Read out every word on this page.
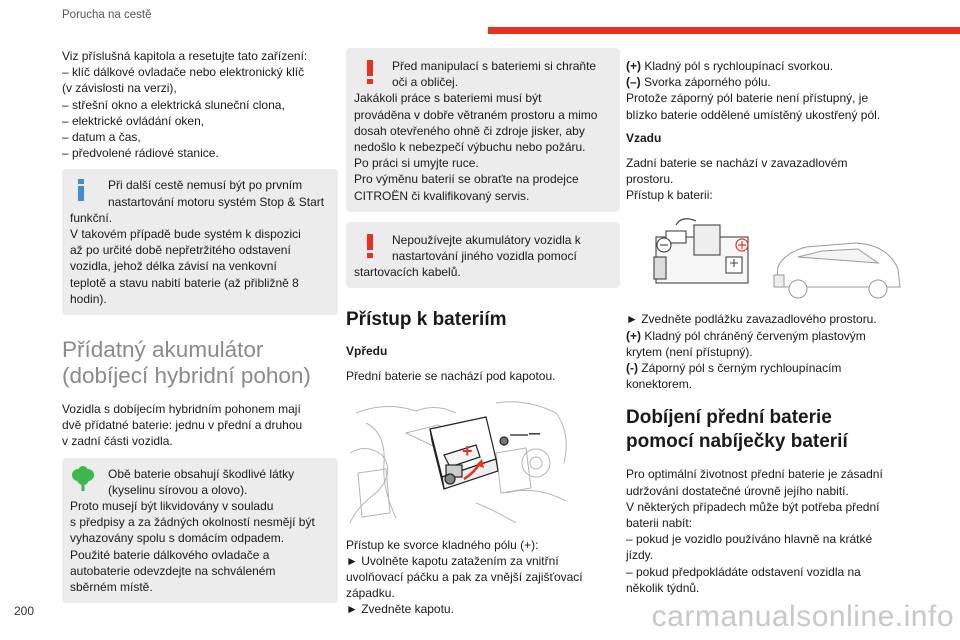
Porucha na cestě
Viz příslušná kapitola a resetujte tato zařízení:
– klíč dálkové ovladače nebo elektronický klíč
(v závislosti na verzi),
– střešní okno a elektrická sluneční clona,
– elektrické ovládání oken,
– datum a čas,
– předvolené rádiové stanice.
Při další cestě nemusí být po prvním
nastartování motoru systém Stop & Start
funkční.
V takovém případě bude systém k dispozici
až po určité době nepřetržitého odstavení
vozidla, jehož délka závisí na venkovní
teplotě a stavu nabití baterie (až přibližně 8
hodin).
Přídatný akumulátor
(dobíjecí hybridní pohon)
Vozidla s dobíjecím hybridním pohonem mají
dvě přídatné baterie: jednu v přední a druhou
v zadní části vozidla.
Obě baterie obsahují škodlivé látky
(kyselinu sírovou a olovo).
Proto musejí být likvidovány v souladu
s předpisy a za žádných okolností nesmějí být
vyhazovány spolu s domácím odpadem.
Použité baterie dálkového ovladače a
autobaterie odevzdejte na schváleném
sběrném místě.
Před manipulací s bateriemi si chraňte
oči a obličej.
Jakákoli práce s bateriemi musí být
prováděna v dobře větraném prostoru a mimo
dosah otevřeného ohně či zdroje jisker, aby
nedošlo k nebezpečí výbuchu nebo požáru.
Po práci si umyjte ruce.
Pro výměnu baterií se obraťte na prodejce
CITROËN či kvalifikovaný servis.
Nepoužívejte akumulátory vozidla k
nastartování jiného vozidla pomocí
startovacích kabelů.
Přístup k bateriím
Vpředu
Přední baterie se nachází pod kapotou.
–
+
Přístup ke svorce kladného pólu (+):
► Uvolněte kapotu zatažením za vnitřní
uvolňovací páčku a pak za vnější zajišťovací
západku.
► Zvedněte kapotu.
(+) Kladný pól s rychloupínací svorkou.
(–) Svorka záporného pólu.
Protože záporný pól baterie není přístupný, je
blízko baterie oddělené umístěný ukostřený pól.
Vzadu
Zadní baterie se nachází v zavazadlovém
prostoru.
Přístup k baterii:
► Zvedněte podlážku zavazadlového prostoru.
(+) Kladný pól chráněný červeným plastovým
krytem (není přístupný).
(-) Záporný pól s černým rychloupínacím
konektorem.
Dobíjení přední baterie
pomocí nabíječky baterií
Pro optimální životnost přední baterie je zásadní
udržování dostatečné úrovně jejího nabití.
V některých případech může být potřeba přední
baterii nabít:
– pokud je vozidlo používáno hlavně na krátké
jízdy.
– pokud předpokládáte odstavení vozidla na
několik týdnů.
200	carmanualsonline.info
